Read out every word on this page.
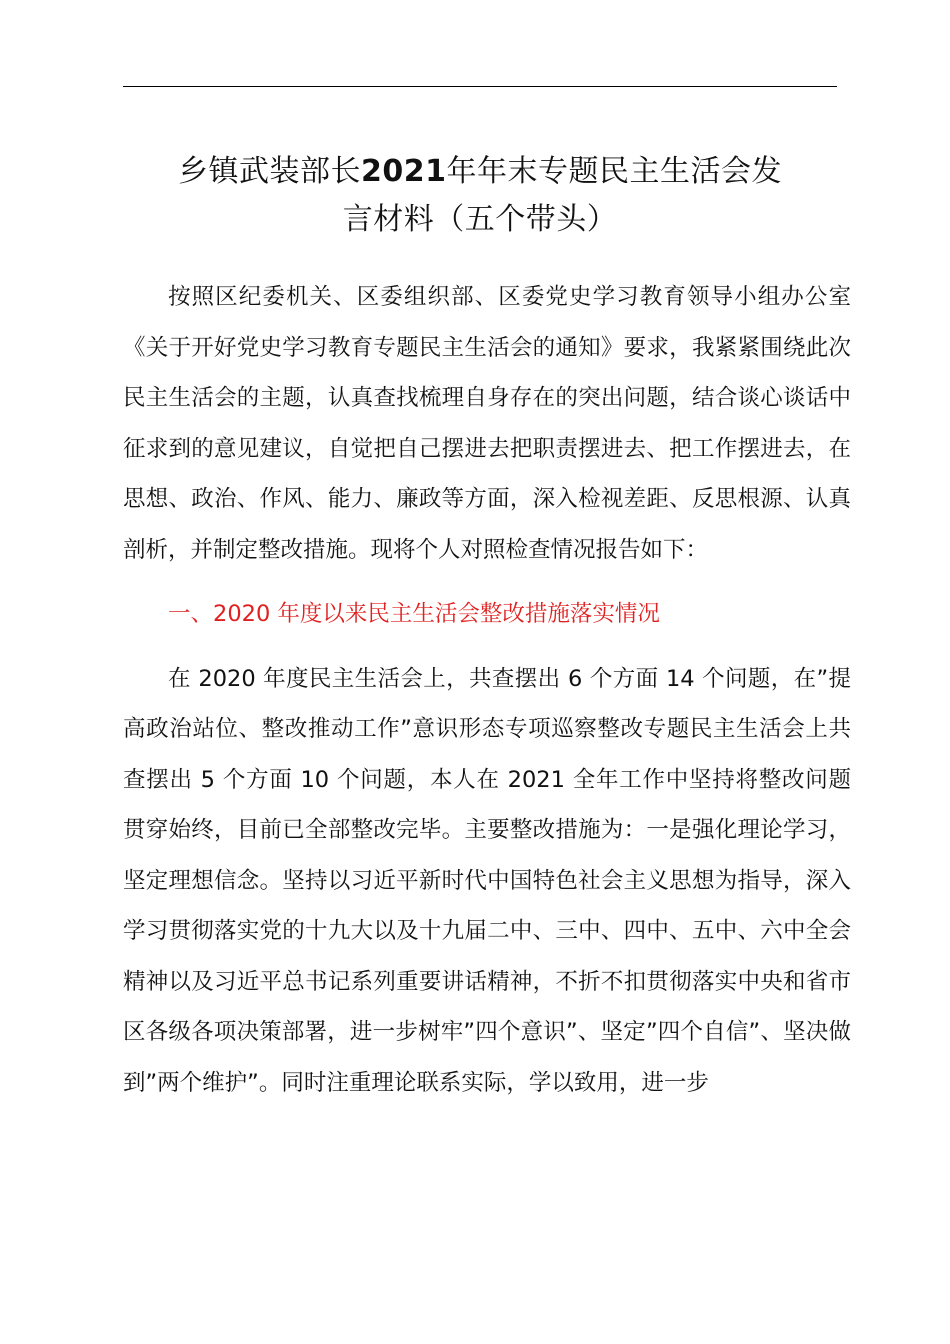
乡镇武装部长2021年年末专题民主生活会发
言材料（五个带头）

按照区纪委机关、区委组织部、区委党史学习教育领导小组办公室《关于开好党史学习教育专题民主生活会的通知》要求，我紧紧围绕此次民主生活会的主题，认真查找梳理自身存在的突出问题，结合谈心谈话中征求到的意见建议，自觉把自己摆进去把职责摆进去、把工作摆进去，在思想、政治、作风、能力、廉政等方面，深入检视差距、反思根源、认真剖析，并制定整改措施。现将个人对照检查情况报告如下：

一、2020 年度以来民主生活会整改措施落实情况

在 2020 年度民主生活会上，共查摆出 6 个方面 14 个问题，在”提高政治站位、整改推动工作”意识形态专项巡察整改专题民主生活会上共查摆出 5 个方面 10 个问题，本人在 2021 全年工作中坚持将整改问题贯穿始终，目前已全部整改完毕。主要整改措施为：一是强化理论学习，坚定理想信念。坚持以习近平新时代中国特色社会主义思想为指导，深入学习贯彻落实党的十九大以及十九届二中、三中、四中、五中、六中全会精神以及习近平总书记系列重要讲话精神，不折不扣贯彻落实中央和省市区各级各项决策部署，进一步树牢”四个意识”、坚定”四个自信”、坚决做到”两个维护”。同时注重理论联系实际，学以致用，进一步
